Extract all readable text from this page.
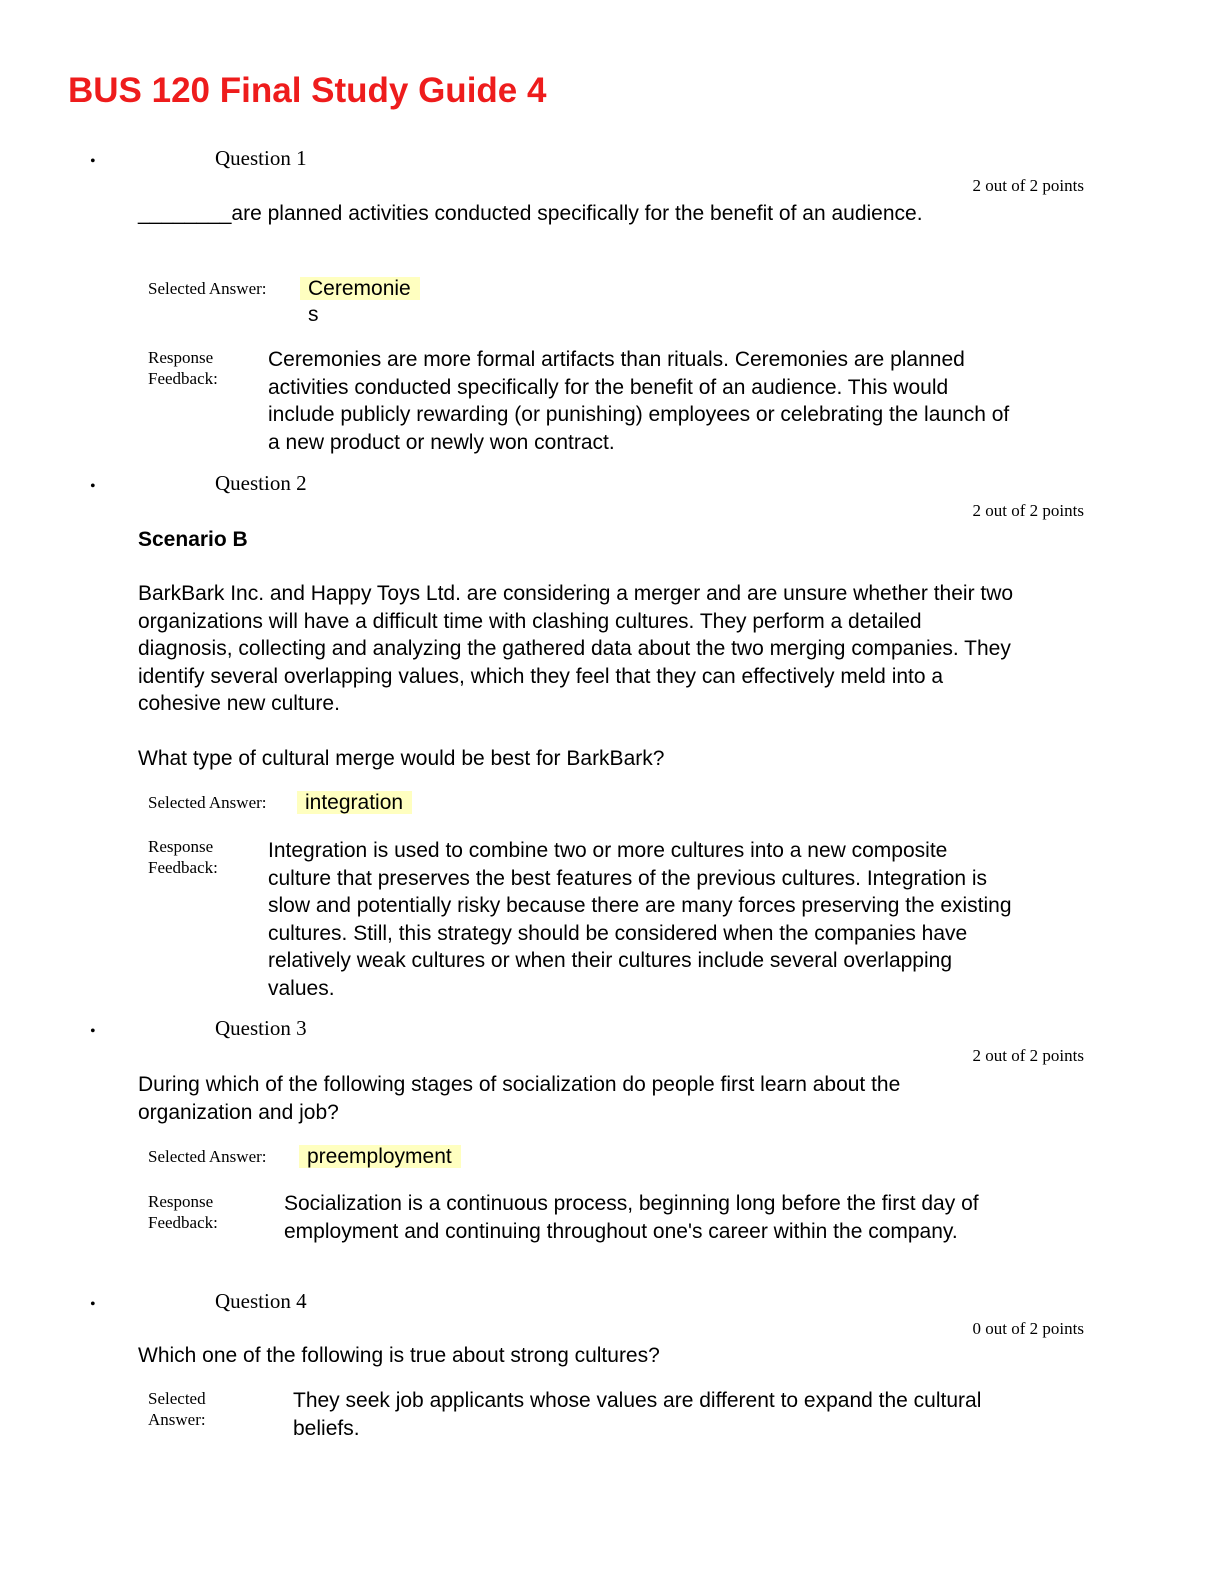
BUS 120 Final Study Guide 4
•	Question 1
2 out of 2 points
________are planned activities conducted specifically for the benefit of an audience.
Selected Answer:	Ceremonie
s
Response
Feedback:
Ceremonies are more formal artifacts than rituals. Ceremonies are planned activities conducted specifically for the benefit of an audience. This would include publicly rewarding (or punishing) employees or celebrating the launch of a new product or newly won contract.
•	Question 2
2 out of 2 points
Scenario B
BarkBark Inc. and Happy Toys Ltd. are considering a merger and are unsure whether their two organizations will have a difficult time with clashing cultures. They perform a detailed diagnosis, collecting and analyzing the gathered data about the two merging companies. They identify several overlapping values, which they feel that they can effectively meld into a cohesive new culture.
What type of cultural merge would be best for BarkBark?
Selected Answer:	integration
Response
Feedback:
Integration is used to combine two or more cultures into a new composite culture that preserves the best features of the previous cultures. Integration is slow and potentially risky because there are many forces preserving the existing cultures. Still, this strategy should be considered when the companies have relatively weak cultures or when their cultures include several overlapping values.
•	Question 3
2 out of 2 points
During which of the following stages of socialization do people first learn about the organization and job?
Selected Answer:	preemployment
Response
Feedback:
Socialization is a continuous process, beginning long before the first day of employment and continuing throughout one's career within the company.
•	Question 4
0 out of 2 points
Which one of the following is true about strong cultures?
Selected
Answer:
They seek job applicants whose values are different to expand the cultural beliefs.
